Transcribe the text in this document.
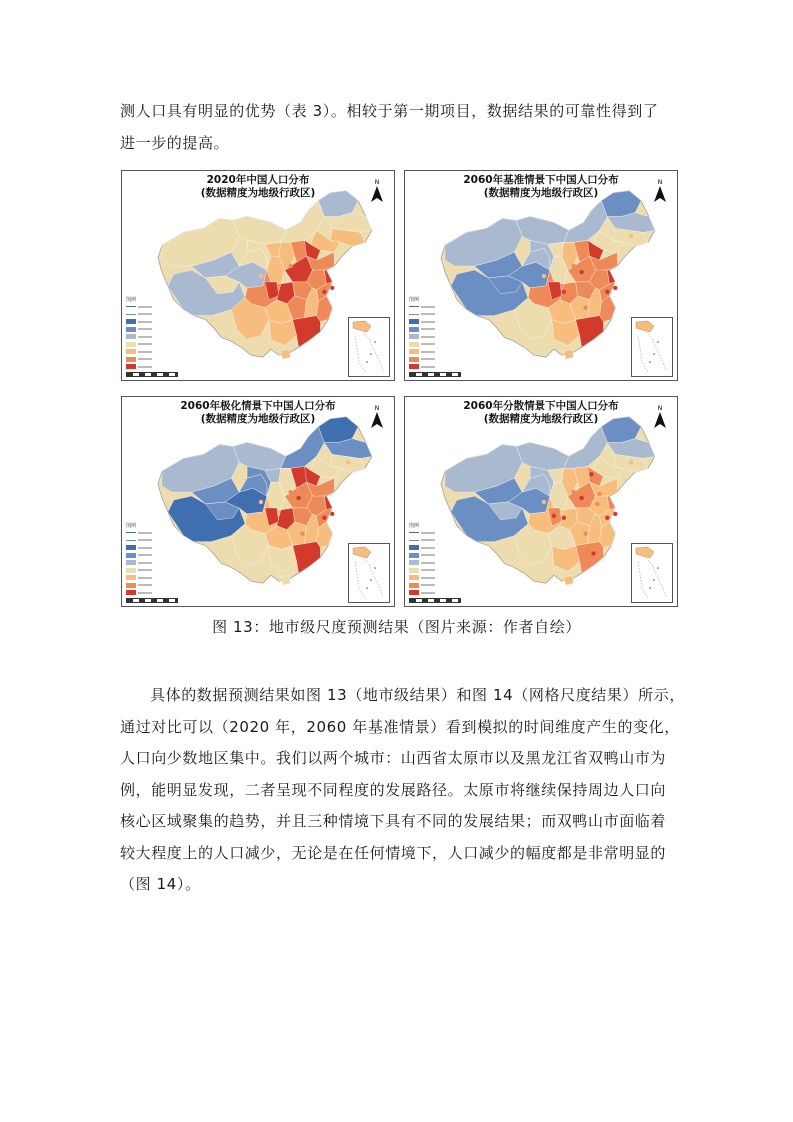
测人口具有明显的优势（表 3）。相较于第一期项目，数据结果的可靠性得到了
进一步的提高。
2020年中国人口分布
(数据精度为地级行政区)
N
图例
2060年基准情景下中国人口分布
(数据精度为地级行政区)
N
图例
2060年极化情景下中国人口分布
(数据精度为地级行政区)
N
图例
2060年分散情景下中国人口分布
(数据精度为地级行政区)
N
图例
图 13：地市级尺度预测结果（图片来源：作者自绘）
具体的数据预测结果如图 13（地市级结果）和图 14（网格尺度结果）所示，
通过对比可以（2020 年，2060 年基准情景）看到模拟的时间维度产生的变化，
人口向少数地区集中。我们以两个城市：山西省太原市以及黑龙江省双鸭山市为
例，能明显发现，二者呈现不同程度的发展路径。太原市将继续保持周边人口向
核心区域聚集的趋势，并且三种情境下具有不同的发展结果；而双鸭山市面临着
较大程度上的人口减少，无论是在任何情境下，人口减少的幅度都是非常明显的
（图 14）。
